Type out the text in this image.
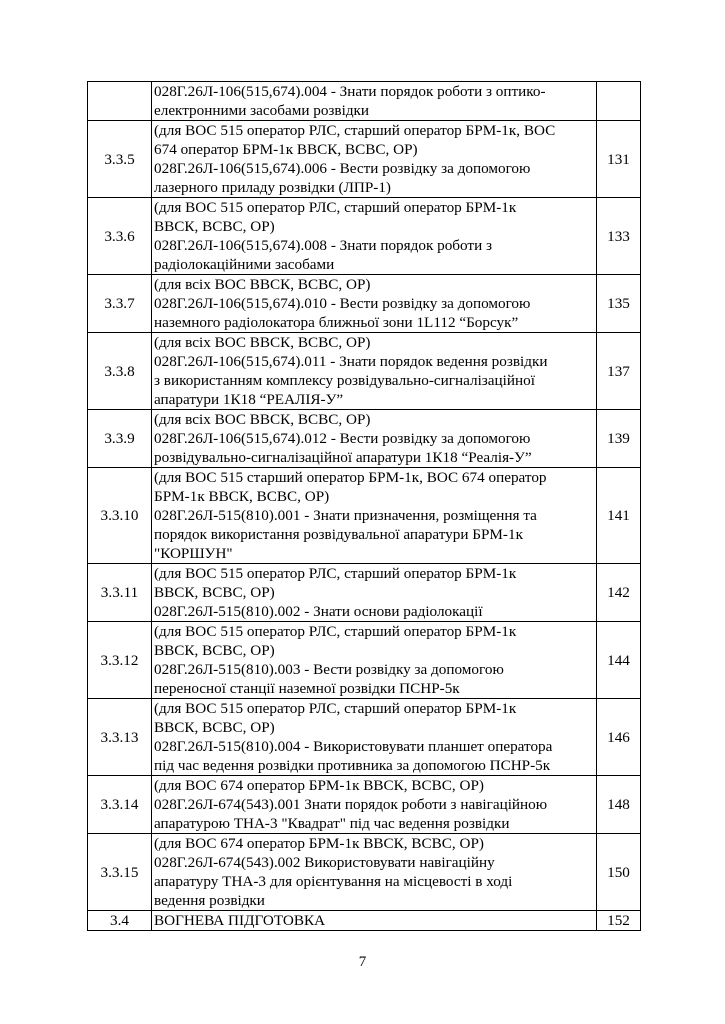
	028Г.26Л-106(515,674).004 - Знати порядок роботи з оптико-
електронними засобами розвідки	

3.3.5	(для ВОС 515 оператор РЛС, старший оператор БРМ-1к, ВОС
674 оператор БРМ-1к ВВСК, ВСВС, ОР)
028Г.26Л-106(515,674).006 - Вести розвідку за допомогою
лазерного приладу розвідки (ЛПР-1)	131
3.3.6	(для ВОС 515 оператор РЛС, старший оператор БРМ-1к
ВВСК, ВСВС, ОР)
028Г.26Л-106(515,674).008 - Знати порядок роботи з
радіолокаційними засобами	133
3.3.7	(для всіх ВОС ВВСК, ВСВС, ОР)
028Г.26Л-106(515,674).010 - Вести розвідку за допомогою
наземного радіолокатора ближньої зони 1L112 “Борсук”	135
3.3.8	(для всіх ВОС ВВСК, ВСВС, ОР)
028Г.26Л-106(515,674).011 - Знати порядок ведення розвідки
з використанням комплексу розвідувально-сигналізаційної
апаратури 1К18 “РЕАЛІЯ-У”	137
3.3.9	(для всіх ВОС ВВСК, ВСВС, ОР)
028Г.26Л-106(515,674).012 - Вести розвідку за допомогою
розвідувально-сигналізаційної апаратури 1К18 “Реалія-У”	139
3.3.10	(для ВОС 515 старший оператор БРМ-1к, ВОС 674 оператор
БРМ-1к ВВСК, ВСВС, ОР)
028Г.26Л-515(810).001 - Знати призначення, розміщення та
порядок використання розвідувальної апаратури БРМ-1к
"КОРШУН"	141
3.3.11	(для ВОС 515 оператор РЛС, старший оператор БРМ-1к
ВВСК, ВСВС, ОР)
028Г.26Л-515(810).002 - Знати основи радіолокації	142
3.3.12	(для ВОС 515 оператор РЛС, старший оператор БРМ-1к
ВВСК, ВСВС, ОР)
028Г.26Л-515(810).003 - Вести розвідку за допомогою
переносної станції наземної розвідки ПСНР-5к	144
3.3.13	(для ВОС 515 оператор РЛС, старший оператор БРМ-1к
ВВСК, ВСВС, ОР)
028Г.26Л-515(810).004 - Використовувати планшет оператора
під час ведення розвідки противника за допомогою ПСНР-5к	146
3.3.14	(для ВОС 674 оператор БРМ-1к ВВСК, ВСВС, ОР)
028Г.26Л-674(543).001 Знати порядок роботи з навігаційною
апаратурою ТНА-3 "Квадрат" під час ведення розвідки	148
3.3.15	(для ВОС 674 оператор БРМ-1к ВВСК, ВСВС, ОР)
028Г.26Л-674(543).002 Використовувати навігаційну
апаратуру ТНА-3 для орієнтування на місцевості в ході
ведення розвідки	150
3.4	ВОГНЕВА ПІДГОТОВКА	152
7
